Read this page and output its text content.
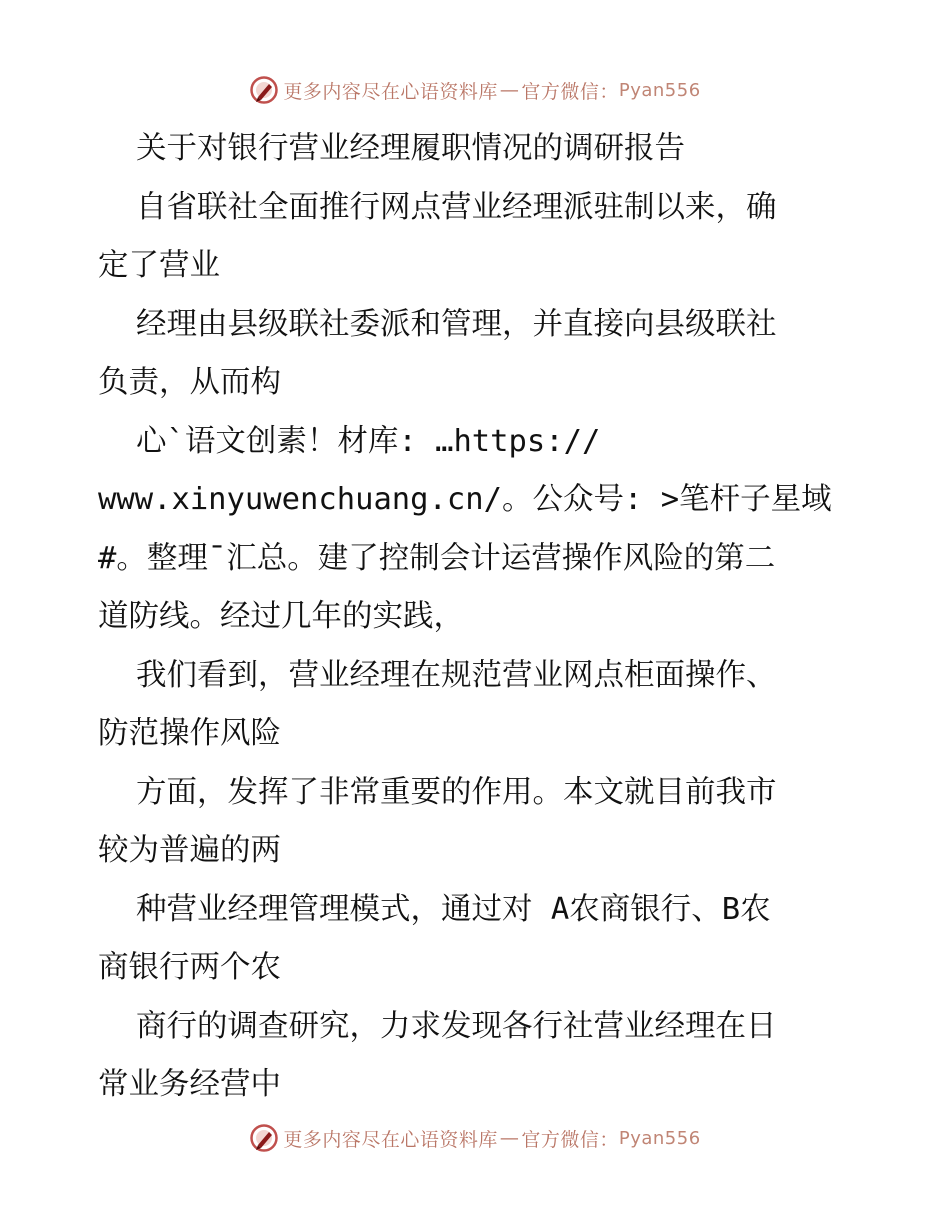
更多内容尽在心语资料库 — 官方微信： Pyan556
关于对银行营业经理履职情况的调研报告
自省联社全面推行网点营业经理派驻制以来，确
定了营业
经理由县级联社委派和管理，并直接向县级联社
负责，从而构
心`语文创素！材库: …https://
www.xinyuwenchuang.cn/。公众号: >笔杆子星域
#。整理¯汇总。建了控制会计运营操作风险的第二
道防线。经过几年的实践，
我们看到，营业经理在规范营业网点柜面操作、
防范操作风险
方面，发挥了非常重要的作用。本文就目前我市
较为普遍的两
种营业经理管理模式，通过对 A农商银行、B农
商银行两个农
商行的调查研究，力求发现各行社营业经理在日
常业务经营中
更多内容尽在心语资料库 — 官方微信： Pyan556
